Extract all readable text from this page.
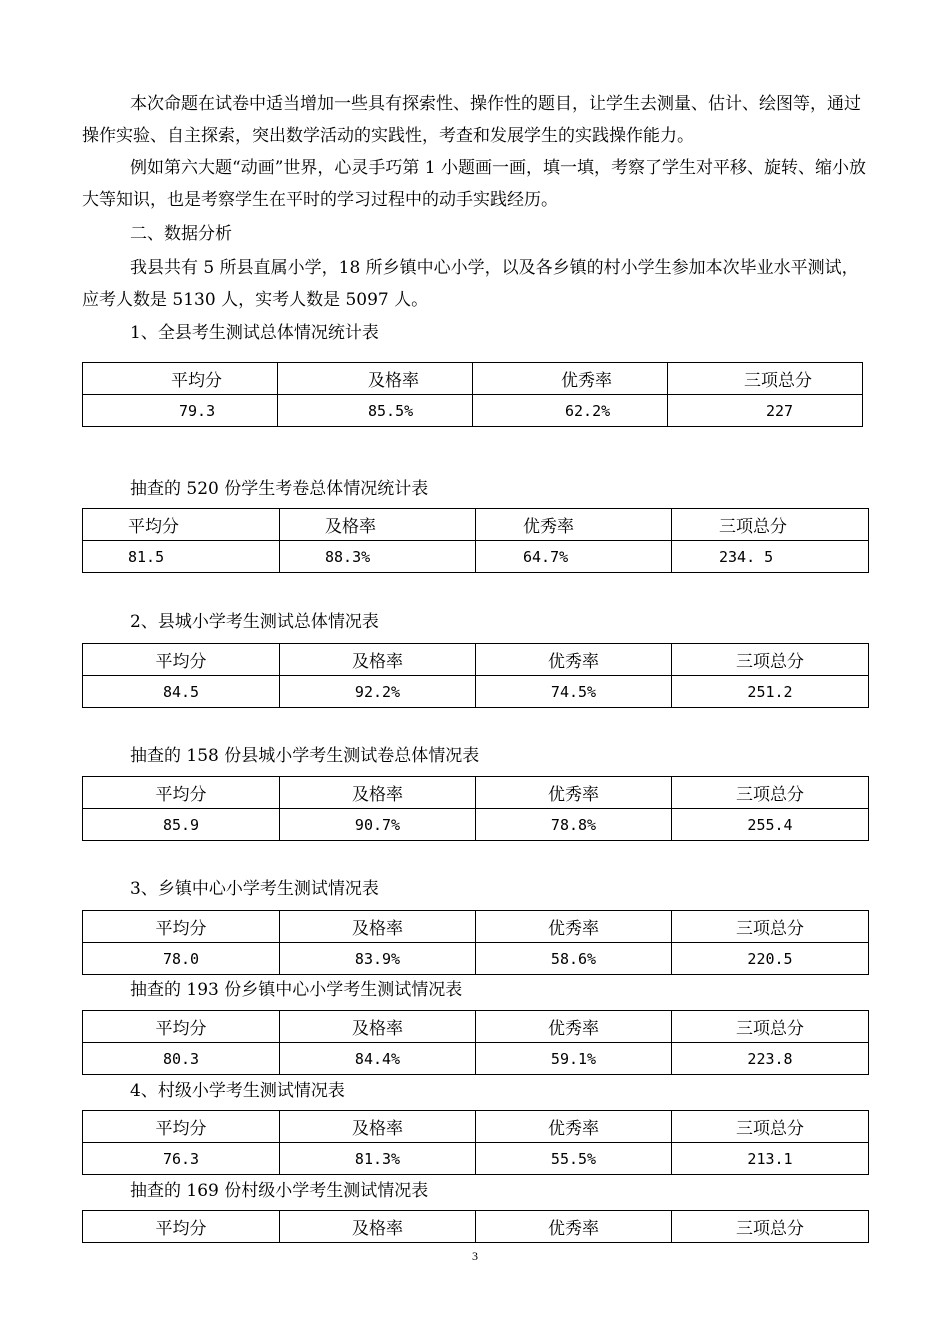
本次命题在试卷中适当增加一些具有探索性、操作性的题目，让学生去测量、估计、绘图等，通过操作实验、自主探索，突出数学活动的实践性，考查和发展学生的实践操作能力。

例如第六大题“动画”世界，心灵手巧第 1 小题画一画，填一填，考察了学生对平移、旋转、缩小放大等知识，也是考察学生在平时的学习过程中的动手实践经历。

二、数据分析

我县共有 5 所县直属小学，18 所乡镇中心小学，以及各乡镇的村小学生参加本次毕业水平测试，应考人数是 5130 人，实考人数是 5097 人。

1、全县考生测试总体情况统计表

平均分	及格率	优秀率	三项总分
79.3	85.5%	62.2%	227

抽查的 520 份学生考卷总体情况统计表

平均分	及格率	优秀率	三项总分
81.5	88.3%	64.7%	234. 5

2、县城小学考生测试总体情况表

平均分	及格率	优秀率	三项总分
84.5	92.2%	74.5%	251.2

抽查的 158 份县城小学考生测试卷总体情况表

平均分	及格率	优秀率	三项总分
85.9	90.7%	78.8%	255.4

3、乡镇中心小学考生测试情况表

平均分	及格率	优秀率	三项总分
78.0	83.9%	58.6%	220.5

抽查的 193 份乡镇中心小学考生测试情况表

平均分	及格率	优秀率	三项总分
80.3	84.4%	59.1%	223.8

4、村级小学考生测试情况表

平均分	及格率	优秀率	三项总分
76.3	81.3%	55.5%	213.1

抽查的 169 份村级小学考生测试情况表

平均分	及格率	优秀率	三项总分
3
